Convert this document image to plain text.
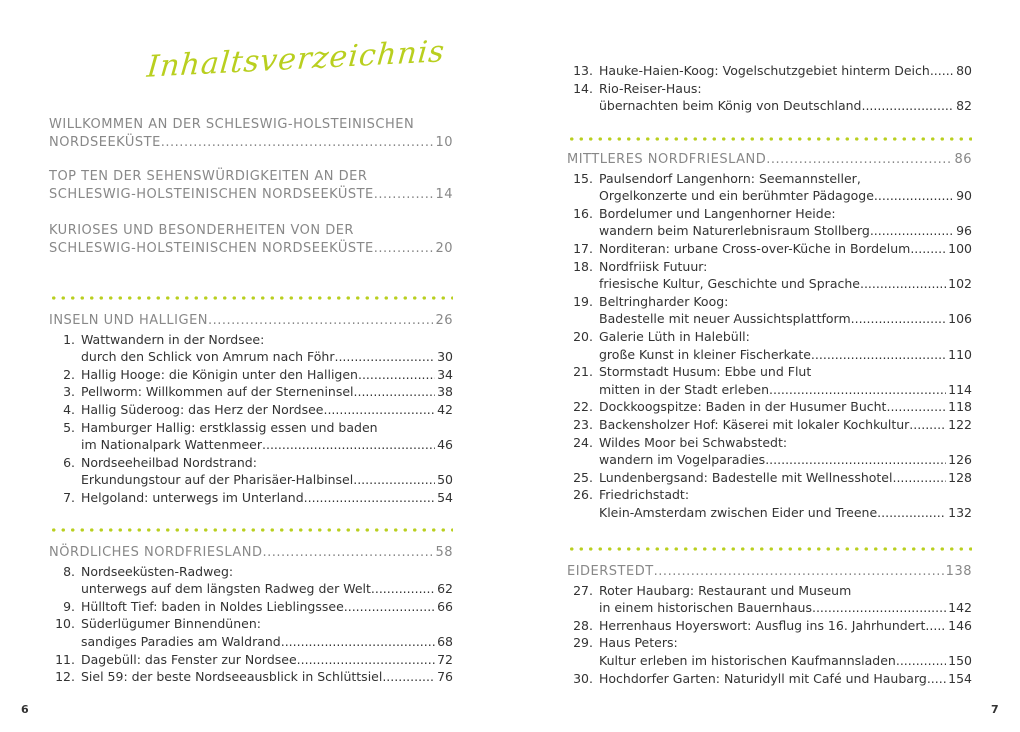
Inhaltsverzeichnis
WILLKOMMEN AN DER SCHLESWIG-HOLSTEINISCHEN
NORDSEEKÜSTE .....	10
TOP TEN DER SEHENSWÜRDIGKEITEN AN DER
SCHLESWIG-HOLSTEINISCHEN NORDSEEKÜSTE .....	14
KURIOSES UND BESONDERHEITEN VON DER
SCHLESWIG-HOLSTEINISCHEN NORDSEEKÜSTE .....	20
INSELN UND HALLIGEN .....	26
1. Wattwandern in der Nordsee:
durch den Schlick von Amrum nach Föhr .....	30
2. Hallig Hooge: die Königin unter den Halligen .....	34
3. Pellworm: Willkommen auf der Sterneninsel .....	38
4. Hallig Süderoog: das Herz der Nordsee .....	42
5. Hamburger Hallig: erstklassig essen und baden
im Nationalpark Wattenmeer .....	46
6. Nordseeheilbad Nordstrand:
Erkundungstour auf der Pharisäer-Halbinsel .....	50
7. Helgoland: unterwegs im Unterland .....	54
NÖRDLICHES NORDFRIESLAND .....	58
8. Nordseeküsten-Radweg:
unterwegs auf dem längsten Radweg der Welt .....	62
9. Hülltoft Tief: baden in Noldes Lieblingssee .....	66
10. Süderlügumer Binnendünen:
sandiges Paradies am Waldrand .....	68
11. Dagebüll: das Fenster zur Nordsee .....	72
12. Siel 59: der beste Nordseeausblick in Schlüttsiel .....	76
13. Hauke-Haien-Koog: Vogelschutzgebiet hinterm Deich ..... 80
14. Rio-Reiser-Haus:
übernachten beim König von Deutschland .....	82
MITTLERES NORDFRIESLAND .....	86
15. Paulsendorf Langenhorn: Seemannsteller,
Orgelkonzerte und ein berühmter Pädagoge .....	90
16. Bordelumer und Langenhorner Heide:
wandern beim Naturerlebnisraum Stollberg .....	96
17. Norditeran: urbane Cross-over-Küche in Bordelum .....	100
18. Nordfriisk Futuur:
friesische Kultur, Geschichte und Sprache .....	102
19. Beltringharder Koog:
Badestelle mit neuer Aussichtsplattform .....	106
20. Galerie Lüth in Halebüll:
große Kunst in kleiner Fischerkate .....	110
21. Stormstadt Husum: Ebbe und Flut
mitten in der Stadt erleben .....	114
22. Dockkoogspitze: Baden in der Husumer Bucht .....	118
23. Backensholzer Hof: Käserei mit lokaler Kochkultur .....	122
24. Wildes Moor bei Schwabstedt:
wandern im Vogelparadies .....	126
25. Lundenbergsand: Badestelle mit Wellnesshotel .....	128
26. Friedrichstadt:
Klein-Amsterdam zwischen Eider und Treene .....	132
EIDERSTEDT .....	138
27. Roter Haubarg: Restaurant und Museum
in einem historischen Bauernhaus .....	142
28. Herrenhaus Hoyerswort: Ausflug ins 16. Jahrhundert ..... 146
29. Haus Peters:
Kultur erleben im historischen Kaufmannsladen .....	150
30. Hochdorfer Garten: Naturidyll mit Café und Haubarg ..... 154
6	7
